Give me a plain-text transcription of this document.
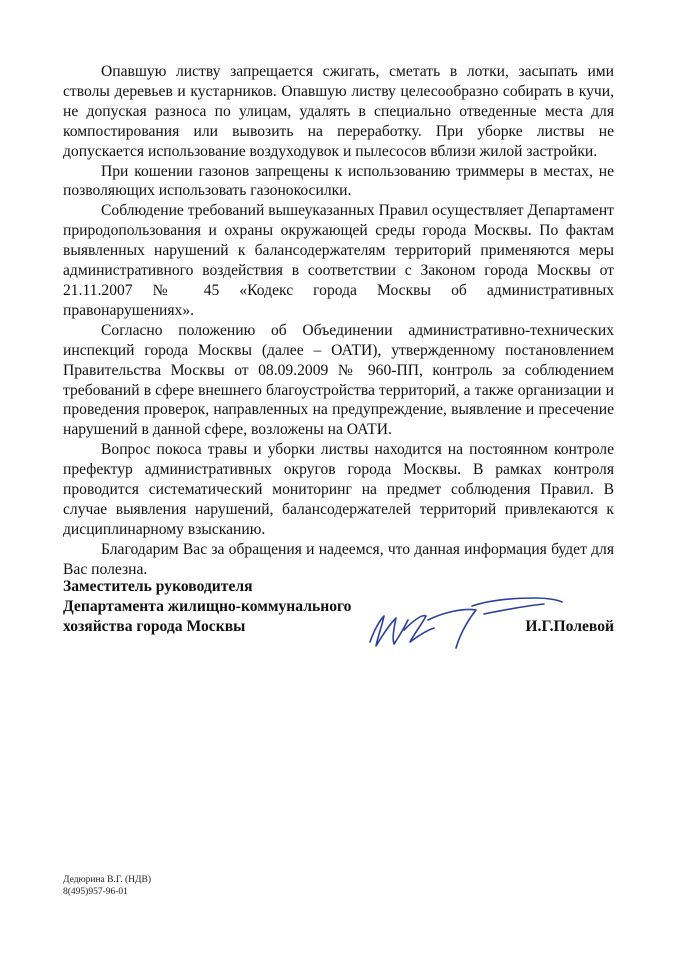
Опавшую листву запрещается сжигать, сметать в лотки, засыпать ими стволы деревьев и кустарников. Опавшую листву целесообразно собирать в кучи, не допуская разноса по улицам, удалять в специально отведенные места для компостирования или вывозить на переработку. При уборке листвы не допускается использование воздуходувок и пылесосов вблизи жилой застройки.

При кошении газонов запрещены к использованию триммеры в местах, не позволяющих использовать газонокосилки.

Соблюдение требований вышеуказанных Правил осуществляет Департамент природопользования и охраны окружающей среды города Москвы. По фактам выявленных нарушений к балансодержателям территорий применяются меры административного воздействия в соответствии с Законом города Москвы от 21.11.2007 № 45 «Кодекс города Москвы об административных правонарушениях».

Согласно положению об Объединении административно-технических инспекций города Москвы (далее – ОАТИ), утвержденному постановлением Правительства Москвы от 08.09.2009 № 960-ПП, контроль за соблюдением требований в сфере внешнего благоустройства территорий, а также организации и проведения проверок, направленных на предупреждение, выявление и пресечение нарушений в данной сфере, возложены на ОАТИ.

Вопрос покоса травы и уборки листвы находится на постоянном контроле префектур административных округов города Москвы. В рамках контроля проводится систематический мониторинг на предмет соблюдения Правил. В случае выявления нарушений, балансодержателей территорий привлекаются к дисциплинарному взысканию.

Благодарим Вас за обращения и надеемся, что данная информация будет для Вас полезна.

Заместитель руководителя
Департамента жилищно-коммунального
хозяйства города Москвы	И.Г.Полевой
Дедюрина В.Г. (НДВ)
8(495)957-96-01
